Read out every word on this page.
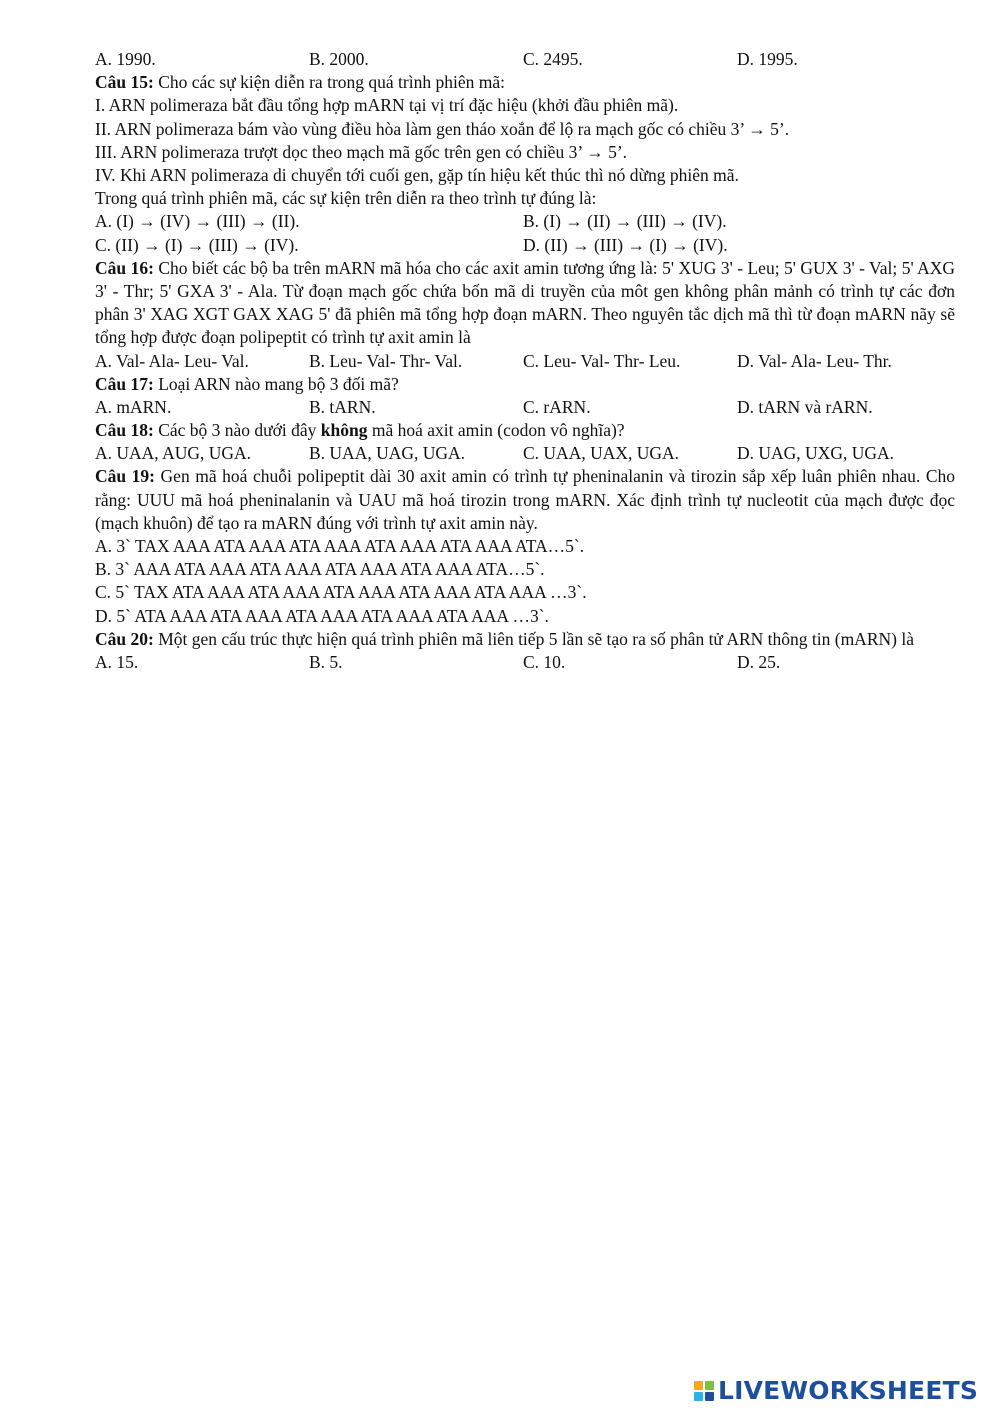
A. 1990.	B. 2000.	C. 2495.	D. 1995.
Câu 15: Cho các sự kiện diễn ra trong quá trình phiên mã:
I. ARN polimeraza bắt đầu tổng hợp mARN tại vị trí đặc hiệu (khởi đầu phiên mã).
II. ARN polimeraza bám vào vùng điều hòa làm gen tháo xoắn để lộ ra mạch gốc có chiều 3’ → 5’.
III. ARN polimeraza trượt dọc theo mạch mã gốc trên gen có chiều 3’ → 5’.
IV. Khi ARN polimeraza di chuyển tới cuối gen, gặp tín hiệu kết thúc thì nó dừng phiên mã.
Trong quá trình phiên mã, các sự kiện trên diễn ra theo trình tự đúng là:
A. (I) → (IV) → (III) → (II).	B. (I) → (II) → (III) → (IV).
C. (II) → (I) → (III) → (IV).	D. (II) → (III) → (I) → (IV).
Câu 16: Cho biết các bộ ba trên mARN mã hóa cho các axit amin tương ứng là: 5' XUG 3' - Leu; 5' GUX 3' - Val; 5' AXG 3' - Thr; 5' GXA 3' - Ala. Từ đoạn mạch gốc chứa bốn mã di truyền của môt gen không phân mảnh có trình tự các đơn phân 3' XAG XGT GAX XAG 5' đã phiên mã tổng hợp đoạn mARN. Theo nguyên tắc dịch mã thì từ đoạn mARN nãy sẽ tổng hợp được đoạn polipeptit có trình tự axit amin là
A. Val- Ala- Leu- Val.	B. Leu- Val- Thr- Val.	C. Leu- Val- Thr- Leu.	D. Val- Ala- Leu- Thr.
Câu 17: Loại ARN nào mang bộ 3 đối mã?
A. mARN.	B. tARN.	C. rARN.	D. tARN và rARN.
Câu 18: Các bộ 3 nào dưới đây không mã hoá axit amin (codon vô nghĩa)?
A. UAA, AUG, UGA.	B. UAA, UAG, UGA.	C. UAA, UAX, UGA.	D. UAG, UXG, UGA.
Câu 19: Gen mã hoá chuỗi polipeptit dài 30 axit amin có trình tự pheninalanin và tirozin sắp xếp luân phiên nhau. Cho rằng: UUU mã hoá pheninalanin và UAU mã hoá tirozin trong mARN. Xác định trình tự nucleotit của mạch được đọc (mạch khuôn) để tạo ra mARN đúng với trình tự axit amin này.
A. 3` TAX AAA ATA AAA ATA AAA ATA AAA ATA AAA ATA…5`.
B. 3` AAA ATA AAA ATA AAA ATA AAA ATA AAA ATA…5`.
C. 5` TAX ATA AAA ATA AAA ATA AAA ATA AAA ATA AAA …3`.
D. 5` ATA AAA ATA AAA ATA AAA ATA AAA ATA AAA …3`.
Câu 20: Một gen cấu trúc thực hiện quá trình phiên mã liên tiếp 5 lần sẽ tạo ra số phân tử ARN thông tin (mARN) là
A. 15.	B. 5.	C. 10.	D. 25.
LIVEWORKSHEETS
